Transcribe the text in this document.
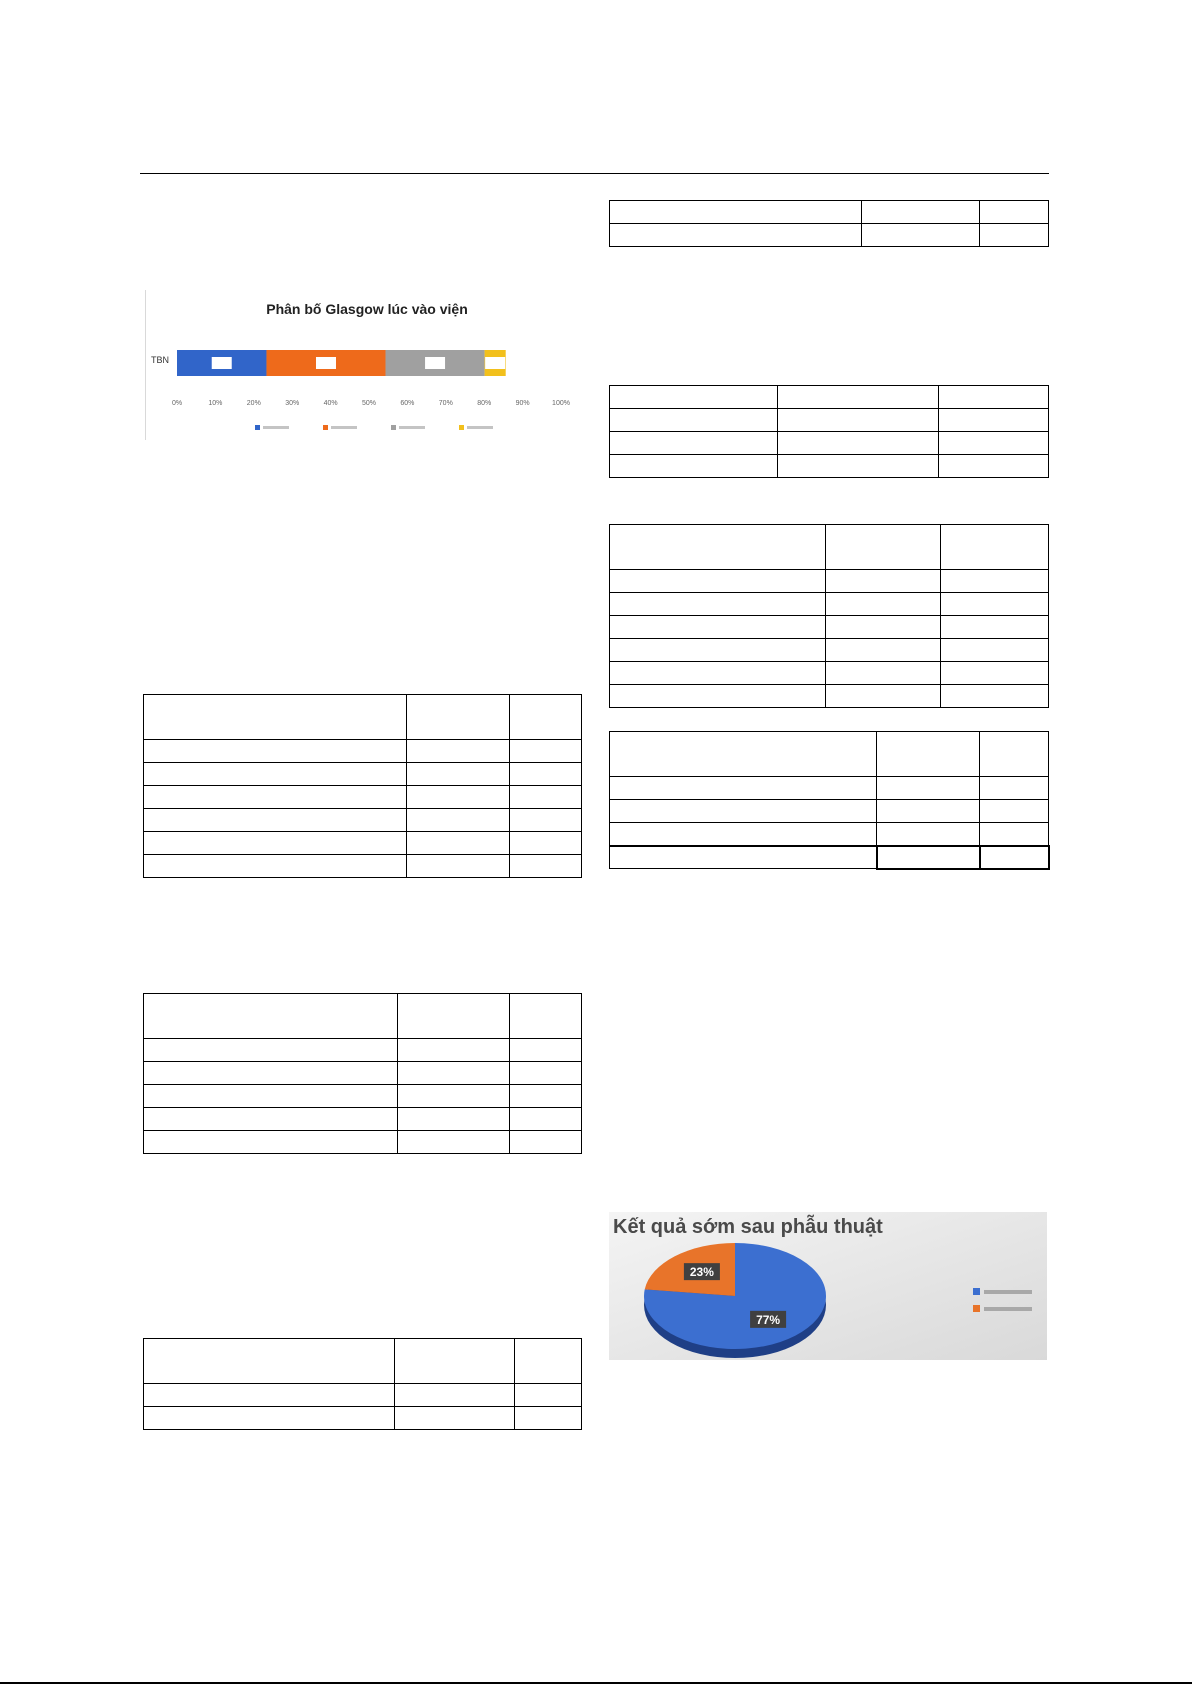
Phân bố Glasgow lúc vào viện
TBN
0%	10%	20%	30%	40%	50%	60%	70%	80%	90%	100%

Kết quả sớm sau phẫu thuật
77%
23%
